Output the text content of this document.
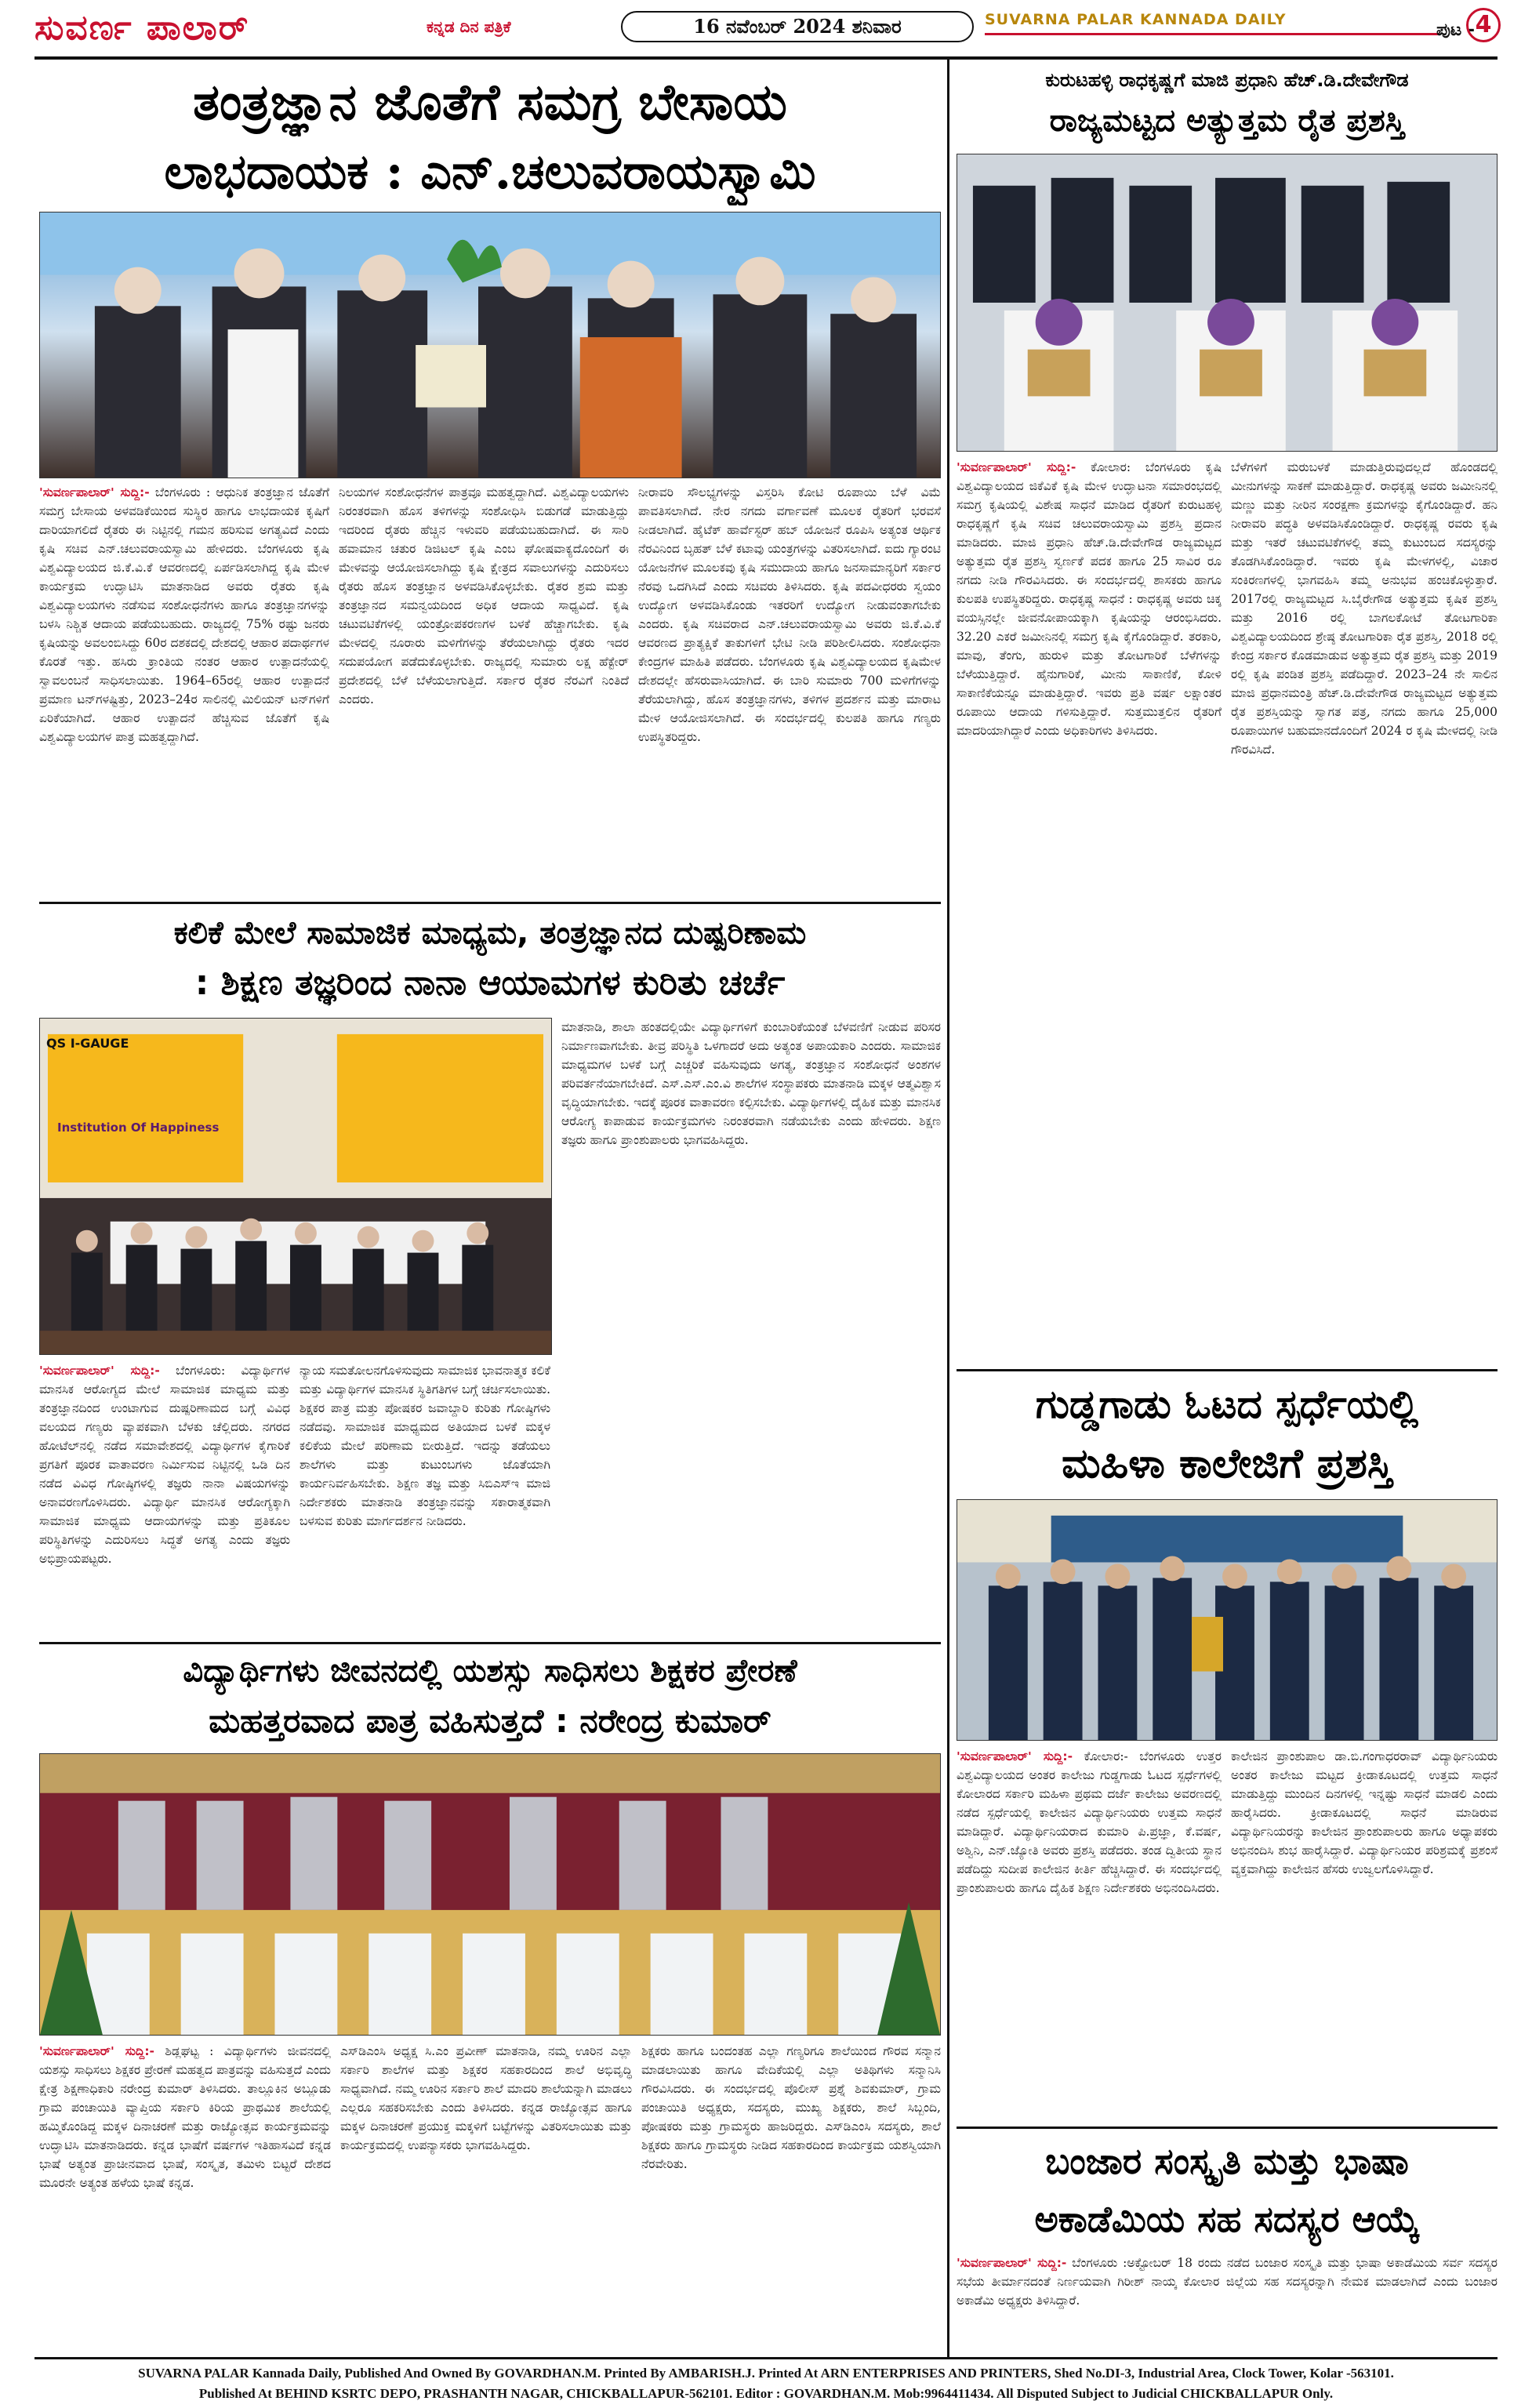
ಸುವರ್ಣ ಪಾಲಾರ್	ಕನ್ನಡ ದಿನ ಪತ್ರಿಕೆ	16 ನವೆಂಬರ್ 2024 ಶನಿವಾರ	SUVARNA PALAR KANNADA DAILY
ಪುಟ - 4
ತಂತ್ರಜ್ಞಾನ ಜೊತೆಗೆ ಸಮಗ್ರ ಬೇಸಾಯ
ಲಾಭದಾಯಕ : ಎನ್.ಚಲುವರಾಯಸ್ವಾಮಿ
'ಸುವರ್ಣಪಾಲಾರ್' ಸುದ್ದಿ:- ಬೆಂಗಳೂರು : ಆಧುನಿಕ ತಂತ್ರಜ್ಞಾನ ಜೊತೆಗೆ ಸಮಗ್ರ ಬೇಸಾಯ ಅಳವಡಿಕೆಯಿಂದ ಸುಸ್ಥಿರ ಹಾಗೂ ಲಾಭದಾಯಕ ಕೃಷಿಗೆ ದಾರಿಯಾಗಲಿದೆ ರೈತರು ಈ ನಿಟ್ಟಿನಲ್ಲಿ ಗಮನ ಹರಿಸುವ ಅಗತ್ಯವಿದೆ ಎಂದು ಕೃಷಿ ಸಚಿವ ಎನ್.ಚಲುವರಾಯಸ್ವಾಮಿ ಹೇಳಿದರು. ಬೆಂಗಳೂರು ಕೃಷಿ ವಿಶ್ವವಿದ್ಯಾಲಯದ ಜಿ.ಕೆ.ವಿ.ಕೆ ಆವರಣದಲ್ಲಿ ಏರ್ಪಡಿಸಲಾಗಿದ್ದ ಕೃಷಿ ಮೇಳ ಕಾರ್ಯಕ್ರಮ ಉದ್ಘಾಟಿಸಿ ಮಾತನಾಡಿದ ಅವರು ರೈತರು ಕೃಷಿ ವಿಶ್ವವಿದ್ಯಾಲಯಗಳು ನಡೆಸುವ ಸಂಶೋಧನೆಗಳು ಹಾಗೂ ತಂತ್ರಜ್ಞಾನಗಳನ್ನು ಬಳಸಿ ನಿಶ್ಚಿತ ಆದಾಯ ಪಡೆಯಬಹುದು. ರಾಜ್ಯದಲ್ಲಿ 75% ರಷ್ಟು ಜನರು ಕೃಷಿಯನ್ನು ಅವಲಂಬಿಸಿದ್ದು 60ರ ದಶಕದಲ್ಲಿ ದೇಶದಲ್ಲಿ ಆಹಾರ ಪದಾರ್ಥಗಳ ಕೊರತೆ ಇತ್ತು. ಹಸಿರು ಕ್ರಾಂತಿಯ ನಂತರ ಆಹಾರ ಉತ್ಪಾದನೆಯಲ್ಲಿ ಸ್ವಾವಲಂಬನೆ ಸಾಧಿಸಲಾಯಿತು. 1964–65ರಲ್ಲಿ ಆಹಾರ ಉತ್ಪಾದನೆ ಪ್ರಮಾಣ ಟನ್‌ಗಳಷ್ಟಿತ್ತು, 2023–24ರ ಸಾಲಿನಲ್ಲಿ ಮಿಲಿಯನ್ ಟನ್‌ಗಳಿಗೆ ಏರಿಕೆಯಾಗಿದೆ. ಆಹಾರ ಉತ್ಪಾದನೆ ಹೆಚ್ಚಿಸುವ ಜೊತೆಗೆ ಕೃಷಿ ವಿಶ್ವವಿದ್ಯಾಲಯಗಳ ಪಾತ್ರ ಮಹತ್ವದ್ದಾಗಿದೆ.
ನಿಲಯಗಳ ಸಂಶೋಧನೆಗಳ ಪಾತ್ರವೂ ಮಹತ್ವದ್ದಾಗಿದೆ. ವಿಶ್ವವಿದ್ಯಾಲಯಗಳು ನಿರಂತರವಾಗಿ ಹೊಸ ತಳಿಗಳನ್ನು ಸಂಶೋಧಿಸಿ ಬಿಡುಗಡೆ ಮಾಡುತ್ತಿದ್ದು ಇದರಿಂದ ರೈತರು ಹೆಚ್ಚಿನ ಇಳುವರಿ ಪಡೆಯಬಹುದಾಗಿದೆ. ಈ ಸಾರಿ ಹವಾಮಾನ ಚತುರ ಡಿಜಿಟಲ್ ಕೃಷಿ ಎಂಬ ಘೋಷವಾಕ್ಯದೊಂದಿಗೆ ಈ ಮೇಳವನ್ನು ಆಯೋಜಿಸಲಾಗಿದ್ದು ಕೃಷಿ ಕ್ಷೇತ್ರದ ಸವಾಲುಗಳನ್ನು ಎದುರಿಸಲು ರೈತರು ಹೊಸ ತಂತ್ರಜ್ಞಾನ ಅಳವಡಿಸಿಕೊಳ್ಳಬೇಕು. ರೈತರ ಶ್ರಮ ಮತ್ತು ತಂತ್ರಜ್ಞಾನದ ಸಮನ್ವಯದಿಂದ ಅಧಿಕ ಆದಾಯ ಸಾಧ್ಯವಿದೆ. ಕೃಷಿ ಚಟುವಟಿಕೆಗಳಲ್ಲಿ ಯಂತ್ರೋಪಕರಣಗಳ ಬಳಕೆ ಹೆಚ್ಚಾಗಬೇಕು. ಕೃಷಿ ಮೇಳದಲ್ಲಿ ನೂರಾರು ಮಳಿಗೆಗಳನ್ನು ತೆರೆಯಲಾಗಿದ್ದು ರೈತರು ಇದರ ಸದುಪಯೋಗ ಪಡೆದುಕೊಳ್ಳಬೇಕು. ರಾಜ್ಯದಲ್ಲಿ ಸುಮಾರು ಲಕ್ಷ ಹೆಕ್ಟೇರ್ ಪ್ರದೇಶದಲ್ಲಿ ಬೆಳೆ ಬೆಳೆಯಲಾಗುತ್ತಿದೆ. ಸರ್ಕಾರ ರೈತರ ನೆರವಿಗೆ ನಿಂತಿದೆ ಎಂದರು.
ನೀರಾವರಿ ಸೌಲಭ್ಯಗಳನ್ನು ವಿಸ್ತರಿಸಿ ಕೋಟಿ ರೂಪಾಯಿ ಬೆಳೆ ವಿಮೆ ಪಾವತಿಸಲಾಗಿದೆ. ನೇರ ನಗದು ವರ್ಗಾವಣೆ ಮೂಲಕ ರೈತರಿಗೆ ಭರವಸೆ ನೀಡಲಾಗಿದೆ. ಹೈಟೆಕ್ ಹಾರ್ವೆಸ್ಟರ್ ಹಬ್ ಯೋಜನೆ ರೂಪಿಸಿ ಅತ್ಯಂತ ಆರ್ಥಿಕ ನೆರವಿನಿಂದ ಬೃಹತ್ ಬೆಳೆ ಕಟಾವು ಯಂತ್ರಗಳನ್ನು ವಿತರಿಸಲಾಗಿದೆ. ಐದು ಗ್ಯಾರಂಟಿ ಯೋಜನೆಗಳ ಮೂಲಕವು ಕೃಷಿ ಸಮುದಾಯ ಹಾಗೂ ಜನಸಾಮಾನ್ಯರಿಗೆ ಸರ್ಕಾರ ನೆರವು ಒದಗಿಸಿದೆ ಎಂದು ಸಚಿವರು ತಿಳಿಸಿದರು. ಕೃಷಿ ಪದವೀಧರರು ಸ್ವಯಂ ಉದ್ಯೋಗ ಅಳವಡಿಸಿಕೊಂಡು ಇತರರಿಗೆ ಉದ್ಯೋಗ ನೀಡುವಂತಾಗಬೇಕು ಎಂದರು. ಕೃಷಿ ಸಚಿವರಾದ ಎನ್.ಚಲುವರಾಯಸ್ವಾಮಿ ಅವರು ಜಿ.ಕೆ.ವಿ.ಕೆ ಆವರಣದ ಪ್ರಾತ್ಯಕ್ಷಿಕೆ ತಾಕುಗಳಿಗೆ ಭೇಟಿ ನೀಡಿ ಪರಿಶೀಲಿಸಿದರು. ಸಂಶೋಧನಾ ಕೇಂದ್ರಗಳ ಮಾಹಿತಿ ಪಡೆದರು. ಬೆಂಗಳೂರು ಕೃಷಿ ವಿಶ್ವವಿದ್ಯಾಲಯದ ಕೃಷಿಮೇಳ ದೇಶದಲ್ಲೇ ಹೆಸರುವಾಸಿಯಾಗಿದೆ. ಈ ಬಾರಿ ಸುಮಾರು 700 ಮಳಿಗೆಗಳನ್ನು ತೆರೆಯಲಾಗಿದ್ದು, ಹೊಸ ತಂತ್ರಜ್ಞಾನಗಳು, ತಳಿಗಳ ಪ್ರದರ್ಶನ ಮತ್ತು ಮಾರಾಟ ಮೇಳ ಆಯೋಜಿಸಲಾಗಿದೆ. ಈ ಸಂದರ್ಭದಲ್ಲಿ ಕುಲಪತಿ ಹಾಗೂ ಗಣ್ಯರು ಉಪಸ್ಥಿತರಿದ್ದರು.
ಕಲಿಕೆ ಮೇಲೆ ಸಾಮಾಜಿಕ ಮಾಧ್ಯಮ, ತಂತ್ರಜ್ಞಾನದ ದುಷ್ಪರಿಣಾಮ
: ಶಿಕ್ಷಣ ತಜ್ಞರಿಂದ ನಾನಾ ಆಯಾಮಗಳ ಕುರಿತು ಚರ್ಚೆ
QS I-GAUGE
Institution Of Happiness
'ಸುವರ್ಣಪಾಲಾರ್' ಸುದ್ದಿ:- ಬೆಂಗಳೂರು: ವಿದ್ಯಾರ್ಥಿಗಳ ಮಾನಸಿಕ ಆರೋಗ್ಯದ ಮೇಲೆ ಸಾಮಾಜಿಕ ಮಾಧ್ಯಮ ಮತ್ತು ತಂತ್ರಜ್ಞಾನದಿಂದ ಉಂಟಾಗುವ ದುಷ್ಪರಿಣಾಮದ ಬಗ್ಗೆ ವಿವಿಧ ವಲಯದ ಗಣ್ಯರು ವ್ಯಾಪಕವಾಗಿ ಬೆಳಕು ಚೆಲ್ಲಿದರು. ನಗರದ ಹೋಟೆಲ್‌ನಲ್ಲಿ ನಡೆದ ಸಮಾವೇಶದಲ್ಲಿ ವಿದ್ಯಾರ್ಥಿಗಳ ಕೈಗಾರಿಕೆ ಪ್ರಗತಿಗೆ ಪೂರಕ ವಾತಾವರಣ ನಿರ್ಮಿಸುವ ನಿಟ್ಟಿನಲ್ಲಿ ಒಡಿ ದಿನ ನಡೆದ ವಿವಿಧ ಗೋಷ್ಠಿಗಳಲ್ಲಿ ತಜ್ಞರು ನಾನಾ ವಿಷಯಗಳನ್ನು ಅನಾವರಣಗೊಳಿಸಿದರು. ವಿದ್ಯಾರ್ಥಿ ಮಾನಸಿಕ ಆರೋಗ್ಯಕ್ಕಾಗಿ ಸಾಮಾಜಿಕ ಮಾಧ್ಯಮ ಆದಾಯಗಳನ್ನು ಮತ್ತು ಪ್ರತಿಕೂಲ ಪರಿಸ್ಥಿತಿಗಳನ್ನು ಎದುರಿಸಲು ಸಿದ್ಧತೆ ಅಗತ್ಯ ಎಂದು ತಜ್ಞರು ಅಭಿಪ್ರಾಯಪಟ್ಟರು.
ನ್ಯಾಯ ಸಮತೋಲನಗೊಳಿಸುವುದು ಸಾಮಾಜಿಕ ಭಾವನಾತ್ಮಕ ಕಲಿಕೆ ಮತ್ತು ವಿದ್ಯಾರ್ಥಿಗಳ ಮಾನಸಿಕ ಸ್ಥಿತಿಗತಿಗಳ ಬಗ್ಗೆ ಚರ್ಚಿಸಲಾಯಿತು. ಶಿಕ್ಷಕರ ಪಾತ್ರ ಮತ್ತು ಪೋಷಕರ ಜವಾಬ್ದಾರಿ ಕುರಿತು ಗೋಷ್ಠಿಗಳು ನಡೆದವು. ಸಾಮಾಜಿಕ ಮಾಧ್ಯಮದ ಅತಿಯಾದ ಬಳಕೆ ಮಕ್ಕಳ ಕಲಿಕೆಯ ಮೇಲೆ ಪರಿಣಾಮ ಬೀರುತ್ತಿದೆ. ಇದನ್ನು ತಡೆಯಲು ಶಾಲೆಗಳು ಮತ್ತು ಕುಟುಂಬಗಳು ಜೊತೆಯಾಗಿ ಕಾರ್ಯನಿರ್ವಹಿಸಬೇಕು. ಶಿಕ್ಷಣ ತಜ್ಞ ಮತ್ತು ಸಿಬಿಎಸ್‌ಇ ಮಾಜಿ ನಿರ್ದೇಶಕರು ಮಾತನಾಡಿ ತಂತ್ರಜ್ಞಾನವನ್ನು ಸಕಾರಾತ್ಮಕವಾಗಿ ಬಳಸುವ ಕುರಿತು ಮಾರ್ಗದರ್ಶನ ನೀಡಿದರು.
ಮಾತನಾಡಿ, ಶಾಲಾ ಹಂತದಲ್ಲಿಯೇ ವಿದ್ಯಾರ್ಥಿಗಳಿಗೆ ಕುಂಬಾರಿಕೆಯಂತೆ ಬೆಳವಣಿಗೆ ನೀಡುವ ಪರಿಸರ ನಿರ್ಮಾಣವಾಗಬೇಕು. ತೀವ್ರ ಪರಿಸ್ಥಿತಿ ಒಳಗಾದರೆ ಅದು ಅತ್ಯಂತ ಅಪಾಯಕಾರಿ ಎಂದರು. ಸಾಮಾಜಿಕ ಮಾಧ್ಯಮಗಳ ಬಳಕೆ ಬಗ್ಗೆ ಎಚ್ಚರಿಕೆ ವಹಿಸುವುದು ಅಗತ್ಯ, ತಂತ್ರಜ್ಞಾನ ಸಂಶೋಧನೆ ಅಂಶಗಳ ಪರಿವರ್ತನೆಯಾಗಬೇಕಿದೆ. ಎಸ್.ಎಸ್.ಎಂ.ವಿ ಶಾಲೆಗಳ ಸಂಸ್ಥಾಪಕರು ಮಾತನಾಡಿ ಮಕ್ಕಳ ಆತ್ಮವಿಶ್ವಾಸ ವೃದ್ಧಿಯಾಗಬೇಕು. ಇದಕ್ಕೆ ಪೂರಕ ವಾತಾವರಣ ಕಲ್ಪಿಸಬೇಕು. ವಿದ್ಯಾರ್ಥಿಗಳಲ್ಲಿ ದೈಹಿಕ ಮತ್ತು ಮಾನಸಿಕ ಆರೋಗ್ಯ ಕಾಪಾಡುವ ಕಾರ್ಯಕ್ರಮಗಳು ನಿರಂತರವಾಗಿ ನಡೆಯಬೇಕು ಎಂದು ಹೇಳಿದರು. ಶಿಕ್ಷಣ ತಜ್ಞರು ಹಾಗೂ ಪ್ರಾಂಶುಪಾಲರು ಭಾಗವಹಿಸಿದ್ದರು.
ವಿದ್ಯಾರ್ಥಿಗಳು ಜೀವನದಲ್ಲಿ ಯಶಸ್ಸು ಸಾಧಿಸಲು ಶಿಕ್ಷಕರ ಪ್ರೇರಣೆ
ಮಹತ್ತರವಾದ ಪಾತ್ರ ವಹಿಸುತ್ತದೆ : ನರೇಂದ್ರ ಕುಮಾರ್
'ಸುವರ್ಣಪಾಲಾರ್' ಸುದ್ದಿ:- ಶಿಡ್ಲಘಟ್ಟ : ವಿದ್ಯಾರ್ಥಿಗಳು ಜೀವನದಲ್ಲಿ ಯಶಸ್ಸು ಸಾಧಿಸಲು ಶಿಕ್ಷಕರ ಪ್ರೇರಣೆ ಮಹತ್ವದ ಪಾತ್ರವನ್ನು ವಹಿಸುತ್ತದೆ ಎಂದು ಕ್ಷೇತ್ರ ಶಿಕ್ಷಣಾಧಿಕಾರಿ ನರೇಂದ್ರ ಕುಮಾರ್ ತಿಳಿಸಿದರು. ತಾಲ್ಲೂಕಿನ ಅಬ್ಲೂಡು ಗ್ರಾಮ ಪಂಚಾಯಿತಿ ವ್ಯಾಪ್ತಿಯ ಸರ್ಕಾರಿ ಕಿರಿಯ ಪ್ರಾಥಮಿಕ ಶಾಲೆಯಲ್ಲಿ ಹಮ್ಮಿಕೊಂಡಿದ್ದ ಮಕ್ಕಳ ದಿನಾಚರಣೆ ಮತ್ತು ರಾಜ್ಯೋತ್ಸವ ಕಾರ್ಯಕ್ರಮವನ್ನು ಉದ್ಘಾಟಿಸಿ ಮಾತನಾಡಿದರು. ಕನ್ನಡ ಭಾಷೆಗೆ ವರ್ಷಗಳ ಇತಿಹಾಸವಿದೆ ಕನ್ನಡ ಭಾಷೆ ಅತ್ಯಂತ ಪ್ರಾಚೀನವಾದ ಭಾಷೆ, ಸಂಸ್ಕೃತ, ತಮಿಳು ಬಿಟ್ಟರೆ ದೇಶದ ಮೂರನೇ ಅತ್ಯಂತ ಹಳೆಯ ಭಾಷೆ ಕನ್ನಡ.
ಎಸ್‌ಡಿಎಂಸಿ ಅಧ್ಯಕ್ಷ ಸಿ.ಎಂ ಪ್ರವೀಣ್ ಮಾತನಾಡಿ, ನಮ್ಮ ಊರಿನ ಎಲ್ಲಾ ಸರ್ಕಾರಿ ಶಾಲೆಗಳ ಮತ್ತು ಶಿಕ್ಷಕರ ಸಹಕಾರದಿಂದ ಶಾಲೆ ಅಭಿವೃದ್ಧಿ ಸಾಧ್ಯವಾಗಿದೆ. ನಮ್ಮ ಊರಿನ ಸರ್ಕಾರಿ ಶಾಲೆ ಮಾದರಿ ಶಾಲೆಯನ್ನಾಗಿ ಮಾಡಲು ಎಲ್ಲರೂ ಸಹಕರಿಸಬೇಕು ಎಂದು ತಿಳಿಸಿದರು. ಕನ್ನಡ ರಾಜ್ಯೋತ್ಸವ ಹಾಗೂ ಮಕ್ಕಳ ದಿನಾಚರಣೆ ಪ್ರಯುಕ್ತ ಮಕ್ಕಳಿಗೆ ಬಟ್ಟೆಗಳನ್ನು ವಿತರಿಸಲಾಯಿತು ಮತ್ತು ಕಾರ್ಯಕ್ರಮದಲ್ಲಿ ಉಪನ್ಯಾಸಕರು ಭಾಗವಹಿಸಿದ್ದರು.
ಶಿಕ್ಷಕರು ಹಾಗೂ ಬಂದಂತಹ ಎಲ್ಲಾ ಗಣ್ಯರಿಗೂ ಶಾಲೆಯಿಂದ ಗೌರವ ಸನ್ಮಾನ ಮಾಡಲಾಯಿತು ಹಾಗೂ ವೇದಿಕೆಯಲ್ಲಿ ಎಲ್ಲಾ ಅತಿಥಿಗಳು ಸನ್ಮಾನಿಸಿ ಗೌರವಿಸಿದರು. ಈ ಸಂದರ್ಭದಲ್ಲಿ ಪೊಲೀಸ್ ಪ್ರಶ್ನೆ ಶಿವಕುಮಾರ್, ಗ್ರಾಮ ಪಂಚಾಯಿತಿ ಅಧ್ಯಕ್ಷರು, ಸದಸ್ಯರು, ಮುಖ್ಯ ಶಿಕ್ಷಕರು, ಶಾಲೆ ಸಿಬ್ಬಂದಿ, ಪೋಷಕರು ಮತ್ತು ಗ್ರಾಮಸ್ಥರು ಹಾಜರಿದ್ದರು. ಎಸ್‌ಡಿಎಂಸಿ ಸದಸ್ಯರು, ಶಾಲೆ ಶಿಕ್ಷಕರು ಹಾಗೂ ಗ್ರಾಮಸ್ಥರು ನೀಡಿದ ಸಹಕಾರದಿಂದ ಕಾರ್ಯಕ್ರಮ ಯಶಸ್ವಿಯಾಗಿ ನೆರವೇರಿತು.
ಕುರುಟಹಳ್ಳಿ ರಾಧಕೃಷ್ಣಗೆ ಮಾಜಿ ಪ್ರಧಾನಿ ಹೆಚ್.ಡಿ.ದೇವೇಗೌಡ
ರಾಜ್ಯಮಟ್ಟದ ಅತ್ಯುತ್ತಮ ರೈತ ಪ್ರಶಸ್ತಿ
'ಸುವರ್ಣಪಾಲಾರ್' ಸುದ್ದಿ:- ಕೋಲಾರ: ಬೆಂಗಳೂರು ಕೃಷಿ ವಿಶ್ವವಿದ್ಯಾಲಯದ ಜಿಕೆವಿಕೆ ಕೃಷಿ ಮೇಳ ಉದ್ಘಾಟನಾ ಸಮಾರಂಭದಲ್ಲಿ ಸಮಗ್ರ ಕೃಷಿಯಲ್ಲಿ ವಿಶೇಷ ಸಾಧನೆ ಮಾಡಿದ ರೈತರಿಗೆ ಕುರುಟಹಳ್ಳಿ ರಾಧಕೃಷ್ಣಗೆ ಕೃಷಿ ಸಚಿವ ಚಲುವರಾಯಸ್ವಾಮಿ ಪ್ರಶಸ್ತಿ ಪ್ರದಾನ ಮಾಡಿದರು. ಮಾಜಿ ಪ್ರಧಾನಿ ಹೆಚ್.ಡಿ.ದೇವೇಗೌಡ ರಾಜ್ಯಮಟ್ಟದ ಅತ್ಯುತ್ತಮ ರೈತ ಪ್ರಶಸ್ತಿ ಸ್ವರ್ಣಕೆ ಪದಕ ಹಾಗೂ 25 ಸಾವಿರ ರೂ ನಗದು ನೀಡಿ ಗೌರವಿಸಿದರು. ಈ ಸಂದರ್ಭದಲ್ಲಿ ಶಾಸಕರು ಹಾಗೂ ಕುಲಪತಿ ಉಪಸ್ಥಿತರಿದ್ದರು. ರಾಧಕೃಷ್ಣ ಸಾಧನೆ : ರಾಧಕೃಷ್ಣ ಅವರು ಚಿಕ್ಕ ವಯಸ್ಸಿನಲ್ಲೇ ಜೀವನೋಪಾಯಕ್ಕಾಗಿ ಕೃಷಿಯನ್ನು ಆರಂಭಿಸಿದರು. 32.20 ಎಕರೆ ಜಮೀನಿನಲ್ಲಿ ಸಮಗ್ರ ಕೃಷಿ ಕೈಗೊಂಡಿದ್ದಾರೆ. ತರಕಾರಿ, ಮಾವು, ತೆಂಗು, ಹುರುಳಿ ಮತ್ತು ತೋಟಗಾರಿಕೆ ಬೆಳೆಗಳನ್ನು ಬೆಳೆಯುತ್ತಿದ್ದಾರೆ. ಹೈನುಗಾರಿಕೆ, ಮೀನು ಸಾಕಾಣಿಕೆ, ಕೋಳಿ ಸಾಕಾಣಿಕೆಯನ್ನೂ ಮಾಡುತ್ತಿದ್ದಾರೆ. ಇವರು ಪ್ರತಿ ವರ್ಷ ಲಕ್ಷಾಂತರ ರೂಪಾಯಿ ಆದಾಯ ಗಳಿಸುತ್ತಿದ್ದಾರೆ. ಸುತ್ತಮುತ್ತಲಿನ ರೈತರಿಗೆ ಮಾದರಿಯಾಗಿದ್ದಾರೆ ಎಂದು ಅಧಿಕಾರಿಗಳು ತಿಳಿಸಿದರು.
ಬೆಳೆಗಳಿಗೆ ಮರುಬಳಕೆ ಮಾಡುತ್ತಿರುವುದಲ್ಲದೆ ಹೊಂಡದಲ್ಲಿ ಮೀನುಗಳನ್ನು ಸಾಕಣೆ ಮಾಡುತ್ತಿದ್ದಾರೆ. ರಾಧಕೃಷ್ಣ ಅವರು ಜಮೀನಿನಲ್ಲಿ ಮಣ್ಣು ಮತ್ತು ನೀರಿನ ಸಂರಕ್ಷಣಾ ಕ್ರಮಗಳನ್ನು ಕೈಗೊಂಡಿದ್ದಾರೆ. ಹನಿ ನೀರಾವರಿ ಪದ್ಧತಿ ಅಳವಡಿಸಿಕೊಂಡಿದ್ದಾರೆ. ರಾಧಕೃಷ್ಣ ರವರು ಕೃಷಿ ಮತ್ತು ಇತರೆ ಚಟುವಟಿಕೆಗಳಲ್ಲಿ ತಮ್ಮ ಕುಟುಂಬದ ಸದಸ್ಯರನ್ನು ತೊಡಗಿಸಿಕೊಂಡಿದ್ದಾರೆ. ಇವರು ಕೃಷಿ ಮೇಳಗಳಲ್ಲಿ, ವಿಚಾರ ಸಂಕಿರಣಗಳಲ್ಲಿ ಭಾಗವಹಿಸಿ ತಮ್ಮ ಅನುಭವ ಹಂಚಿಕೊಳ್ಳುತ್ತಾರೆ. 2017ರಲ್ಲಿ ರಾಜ್ಯಮಟ್ಟದ ಸಿ.ಬೈರೇಗೌಡ ಅತ್ಯುತ್ತಮ ಕೃಷಿಕ ಪ್ರಶಸ್ತಿ ಮತ್ತು 2016 ರಲ್ಲಿ ಬಾಗಲಕೋಟೆ ತೋಟಗಾರಿಕಾ ವಿಶ್ವವಿದ್ಯಾಲಯದಿಂದ ಶ್ರೇಷ್ಠ ತೋಟಗಾರಿಕಾ ರೈತ ಪ್ರಶಸ್ತಿ, 2018 ರಲ್ಲಿ ಕೇಂದ್ರ ಸರ್ಕಾರ ಕೊಡಮಾಡುವ ಅತ್ಯುತ್ತಮ ರೈತ ಪ್ರಶಸ್ತಿ ಮತ್ತು 2019 ರಲ್ಲಿ ಕೃಷಿ ಪಂಡಿತ ಪ್ರಶಸ್ತಿ ಪಡೆದಿದ್ದಾರೆ. 2023–24 ನೇ ಸಾಲಿನ ಮಾಜಿ ಪ್ರಧಾನಮಂತ್ರಿ ಹೆಚ್.ಡಿ.ದೇವೇಗೌಡ ರಾಜ್ಯಮಟ್ಟದ ಅತ್ಯುತ್ತಮ ರೈತ ಪ್ರಶಸ್ತಿಯನ್ನು ಸ್ವಾಗತ ಪತ್ರ, ನಗದು ಹಾಗೂ 25,000 ರೂಪಾಯಿಗಳ ಬಹುಮಾನದೊಂದಿಗೆ 2024 ರ ಕೃಷಿ ಮೇಳದಲ್ಲಿ ನೀಡಿ ಗೌರವಿಸಿದೆ.
ಗುಡ್ಡಗಾಡು ಓಟದ ಸ್ಪರ್ಧೆಯಲ್ಲಿ
ಮಹಿಳಾ ಕಾಲೇಜಿಗೆ ಪ್ರಶಸ್ತಿ
'ಸುವರ್ಣಪಾಲಾರ್' ಸುದ್ದಿ:- ಕೋಲಾರ:- ಬೆಂಗಳೂರು ಉತ್ತರ ವಿಶ್ವವಿದ್ಯಾಲಯದ ಅಂತರ ಕಾಲೇಜು ಗುಡ್ಡಗಾಡು ಓಟದ ಸ್ಪರ್ಧೆಗಳಲ್ಲಿ ಕೋಲಾರದ ಸರ್ಕಾರಿ ಮಹಿಳಾ ಪ್ರಥಮ ದರ್ಜೆ ಕಾಲೇಜು ಅವರಣದಲ್ಲಿ ನಡೆದ ಸ್ಪರ್ಧೆಯಲ್ಲಿ ಕಾಲೇಜಿನ ವಿದ್ಯಾರ್ಥಿನಿಯರು ಉತ್ತಮ ಸಾಧನೆ ಮಾಡಿದ್ದಾರೆ. ವಿದ್ಯಾರ್ಥಿನಿಯರಾದ ಕುಮಾರಿ ಪಿ.ಪ್ರಜ್ಞಾ, ಕೆ.ವರ್ಷ, ಅಶ್ವಿನಿ, ಎನ್.ಜ್ಯೋತಿ ಅವರು ಪ್ರಶಸ್ತಿ ಪಡೆದರು. ತಂಡ ದ್ವಿತೀಯ ಸ್ಥಾನ ಪಡೆದಿದ್ದು ಸುದೀಪ ಕಾಲೇಜಿನ ಕೀರ್ತಿ ಹೆಚ್ಚಿಸಿದ್ದಾರೆ. ಈ ಸಂದರ್ಭದಲ್ಲಿ ಪ್ರಾಂಶುಪಾಲರು ಹಾಗೂ ದೈಹಿಕ ಶಿಕ್ಷಣ ನಿರ್ದೇಶಕರು ಅಭಿನಂದಿಸಿದರು.
ಕಾಲೇಜಿನ ಪ್ರಾಂಶುಪಾಲ ಡಾ.ಬಿ.ಗಂಗಾಧರರಾವ್ ವಿದ್ಯಾರ್ಥಿನಿಯರು ಅಂತರ ಕಾಲೇಜು ಮಟ್ಟದ ಕ್ರೀಡಾಕೂಟದಲ್ಲಿ ಉತ್ತಮ ಸಾಧನೆ ಮಾಡುತ್ತಿದ್ದು ಮುಂದಿನ ದಿನಗಳಲ್ಲಿ ಇನ್ನಷ್ಟು ಸಾಧನೆ ಮಾಡಲಿ ಎಂದು ಹಾರೈಸಿದರು. ಕ್ರೀಡಾಕೂಟದಲ್ಲಿ ಸಾಧನೆ ಮಾಡಿರುವ ವಿದ್ಯಾರ್ಥಿನಿಯರನ್ನು ಕಾಲೇಜಿನ ಪ್ರಾಂಶುಪಾಲರು ಹಾಗೂ ಅಧ್ಯಾಪಕರು ಅಭಿನಂದಿಸಿ ಶುಭ ಹಾರೈಸಿದ್ದಾರೆ. ವಿದ್ಯಾರ್ಥಿನಿಯರ ಪರಿಶ್ರಮಕ್ಕೆ ಪ್ರಶಂಸೆ ವ್ಯಕ್ತವಾಗಿದ್ದು ಕಾಲೇಜಿನ ಹೆಸರು ಉಜ್ವಲಗೊಳಿಸಿದ್ದಾರೆ.
ಬಂಜಾರ ಸಂಸ್ಕೃತಿ ಮತ್ತು ಭಾಷಾ
ಅಕಾಡೆಮಿಯ ಸಹ ಸದಸ್ಯರ ಆಯ್ಕೆ
'ಸುವರ್ಣಪಾಲಾರ್' ಸುದ್ದಿ:- ಬೆಂಗಳೂರು :ಅಕ್ಟೋಬರ್ 18 ರಂದು ನಡೆದ ಬಂಜಾರ ಸಂಸ್ಕೃತಿ ಮತ್ತು ಭಾಷಾ ಅಕಾಡೆಮಿಯ ಸರ್ವ ಸದಸ್ಯರ ಸಭೆಯ ತೀರ್ಮಾನದಂತೆ ನಿರ್ಣಯವಾಗಿ ಗಿರೀಶ್ ನಾಯ್ಕ ಕೋಲಾರ ಜಿಲ್ಲೆಯ ಸಹ ಸದಸ್ಯರನ್ನಾಗಿ ನೇಮಕ ಮಾಡಲಾಗಿದೆ ಎಂದು ಬಂಜಾರ ಅಕಾಡೆಮಿ ಅಧ್ಯಕ್ಷರು ತಿಳಿಸಿದ್ದಾರೆ.
SUVARNA PALAR Kannada Daily, Published And Owned By GOVARDHAN.M. Printed By AMBARISH.J. Printed At ARN ENTERPRISES AND PRINTERS, Shed No.DI-3, Industrial Area, Clock Tower, Kolar -563101.
Published At BEHIND KSRTC DEPO, PRASHANTH NAGAR, CHICKBALLAPUR-562101. Editor : GOVARDHAN.M. Mob:9964411434. All Disputed Subject to Judicial CHICKBALLAPUR Only.
